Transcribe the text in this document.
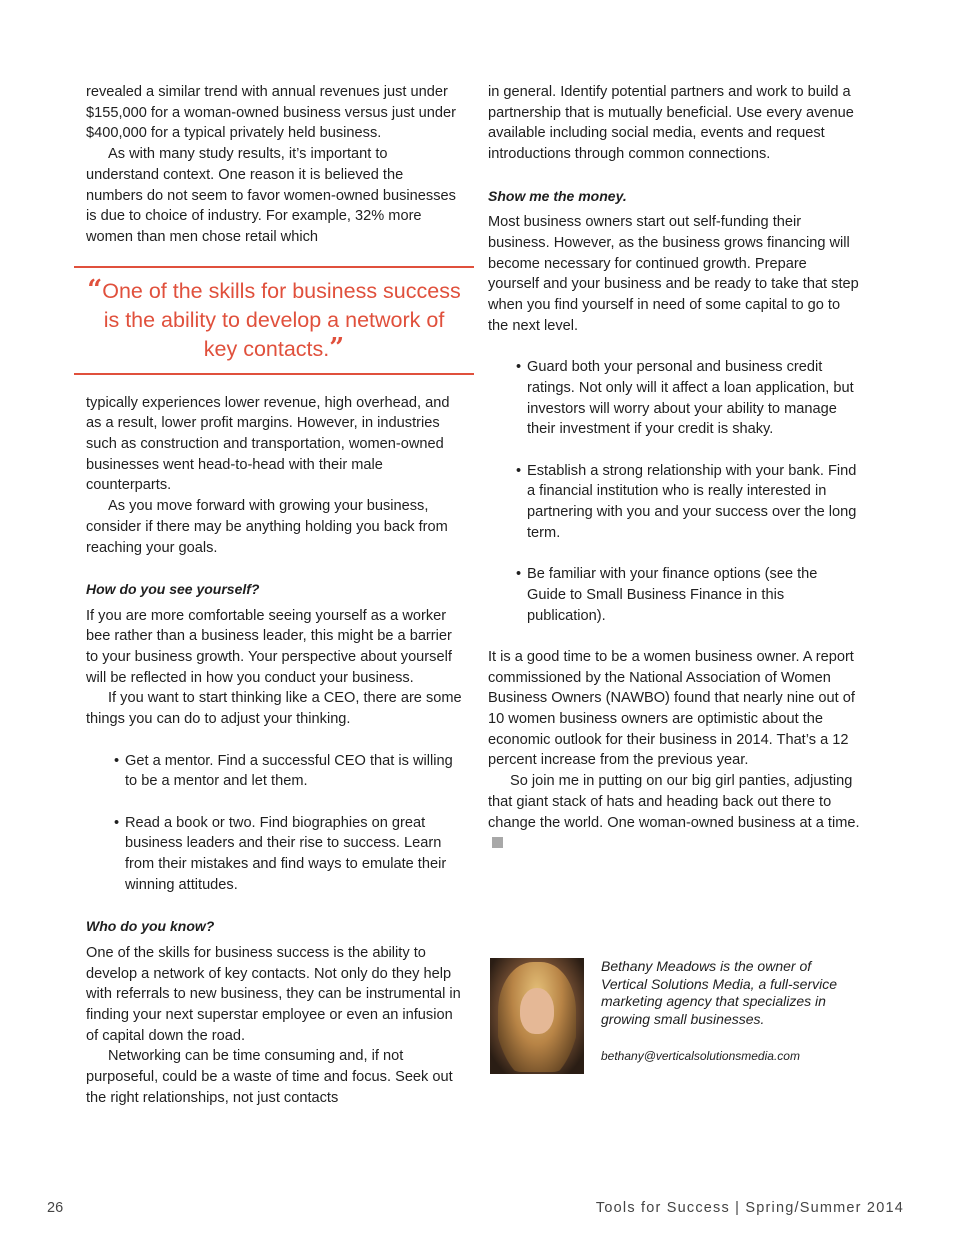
revealed a similar trend with annual revenues just under $155,000 for a woman-owned business versus just under $400,000 for a typical privately held business.

As with many study results, it’s important to understand context. One reason it is believed the numbers do not seem to favor women-owned businesses is due to choice of industry. For example, 32% more women than men chose retail which

“One of the skills for business success is the ability to develop a network of key contacts.”

typically experiences lower revenue, high overhead, and as a result, lower profit margins. However, in industries such as construction and transportation, women-owned businesses went head-to-head with their male counterparts.

As you move forward with growing your business, consider if there may be anything holding you back from reaching your goals.

How do you see yourself?

If you are more comfortable seeing yourself as a worker bee rather than a business leader, this might be a barrier to your business growth. Your perspective about yourself will be reflected in how you conduct your business.

If you want to start thinking like a CEO, there are some things you can do to adjust your thinking.

• Get a mentor. Find a successful CEO that is willing to be a mentor and let them.
• Read a book or two. Find biographies on great business leaders and their rise to success. Learn from their mistakes and find ways to emulate their winning attitudes.
Who do you know?

One of the skills for business success is the ability to develop a network of key contacts. Not only do they help with referrals to new business, they can be instrumental in finding your next superstar employee or even an infusion of capital down the road.

Networking can be time consuming and, if not purposeful, could be a waste of time and focus. Seek out the right relationships, not just contacts

in general. Identify potential partners and work to build a partnership that is mutually beneficial. Use every avenue available including social media, events and request introductions through common connections.

Show me the money.

Most business owners start out self-funding their business. However, as the business grows financing will become necessary for continued growth. Prepare yourself and your business and be ready to take that step when you find yourself in need of some capital to go to the next level.

• Guard both your personal and business credit ratings. Not only will it affect a loan application, but investors will worry about your ability to manage their investment if your credit is shaky.
• Establish a strong relationship with your bank. Find a financial institution who is really interested in partnering with you and your success over the long term.
• Be familiar with your finance options (see the Guide to Small Business Finance in this publication).

It is a good time to be a women business owner. A report commissioned by the National Association of Women Business Owners (NAWBO) found that nearly nine out of 10 women business owners are optimistic about the economic outlook for their business in 2014. That’s a 12 percent increase from the previous year.

So join me in putting on our big girl panties, adjusting that giant stack of hats and heading back out there to change the world. One woman-owned business at a time.

Bethany Meadows is the owner of Vertical Solutions Media, a full-service marketing agency that specializes in growing small businesses.
bethany@verticalsolutionsmedia.com
26	Tools for Success | Spring/Summer 2014
